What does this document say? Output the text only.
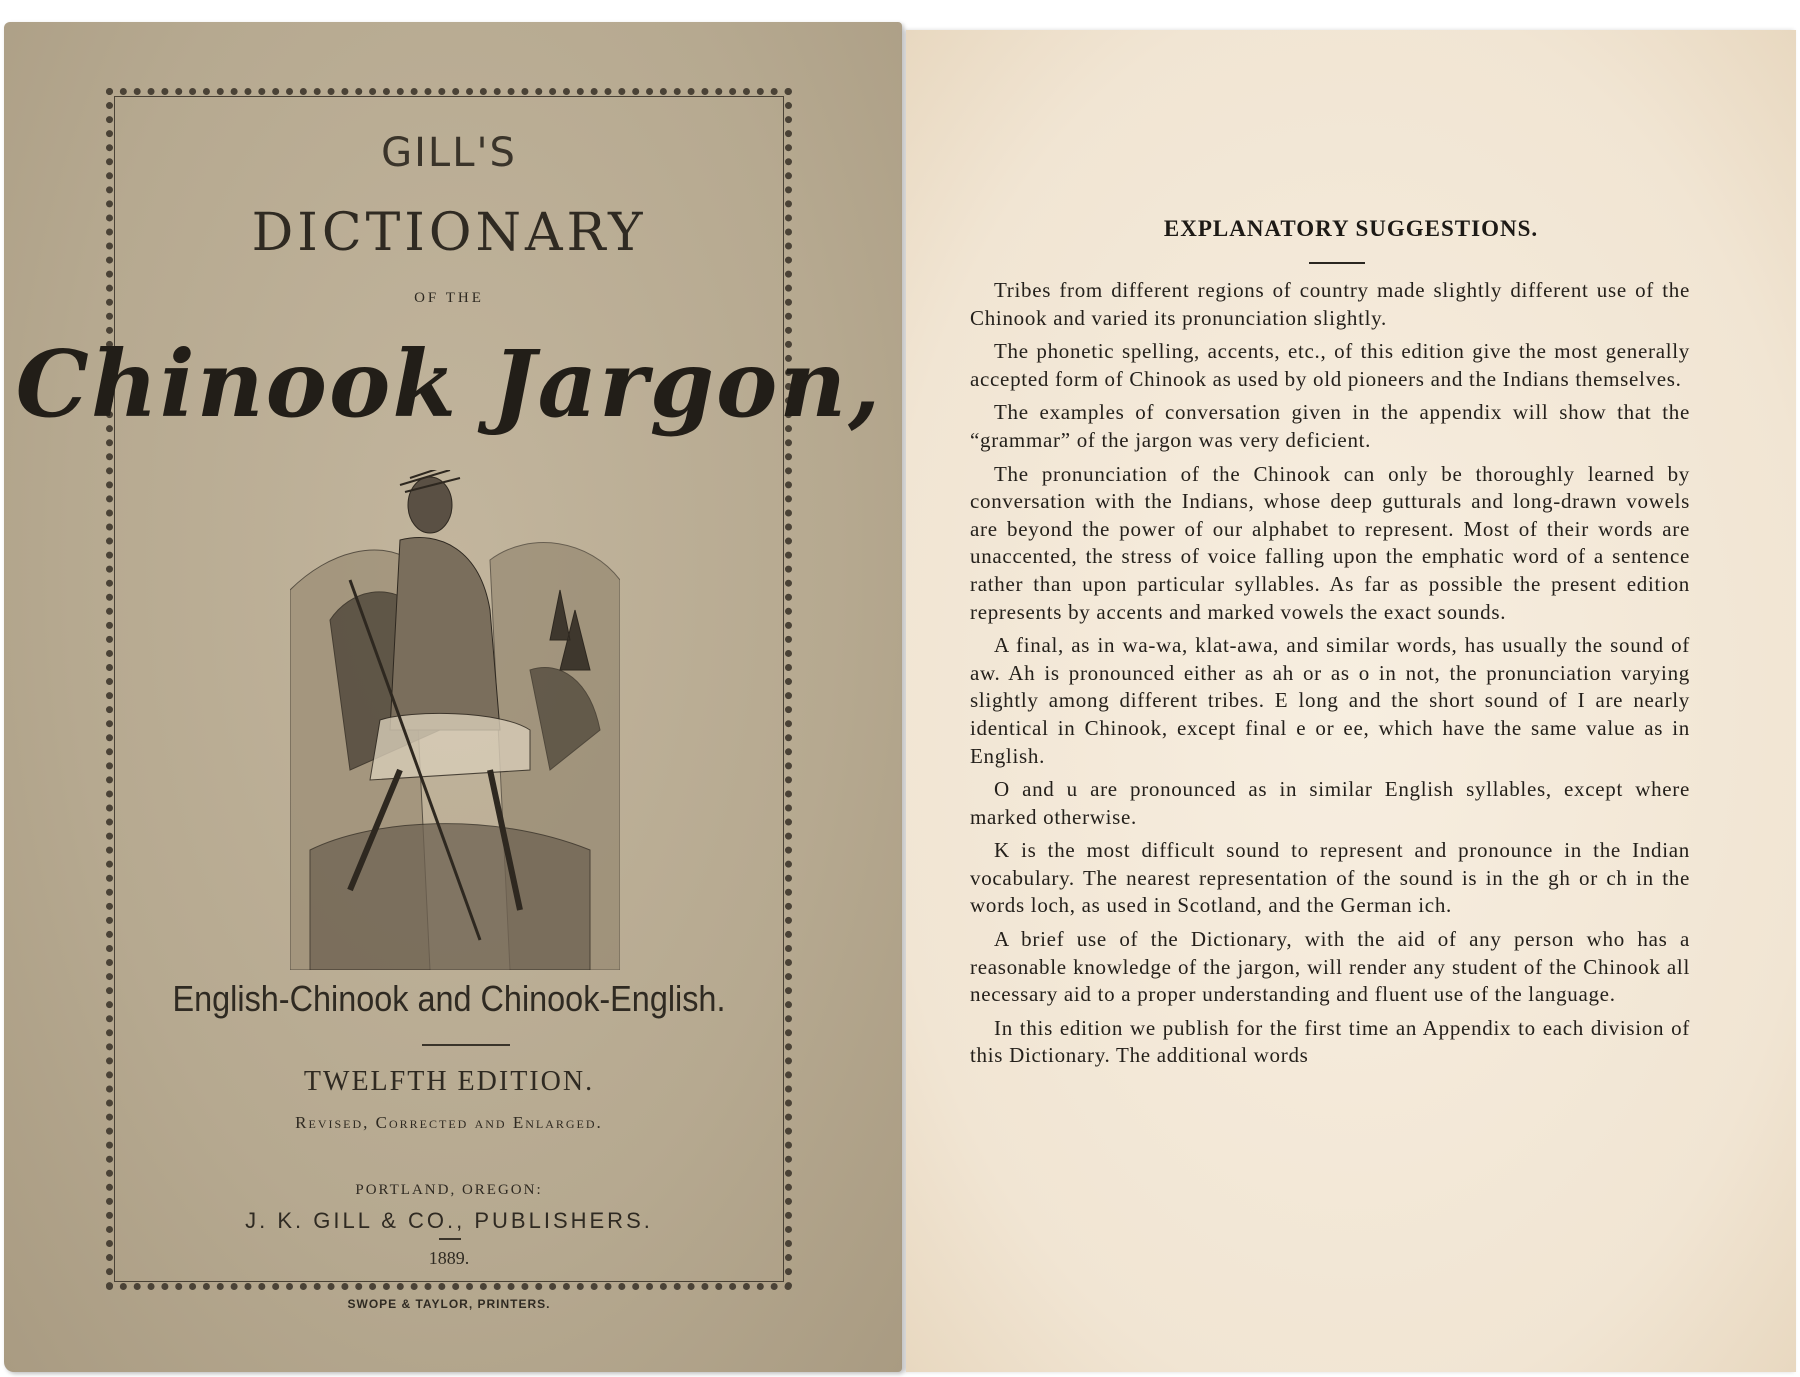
GILL'S
DICTIONARY
OF THE
Chinook Jargon,
English-Chinook and Chinook-English.
TWELFTH EDITION.
Revised, Corrected and Enlarged.
PORTLAND, OREGON:
J. K. GILL & CO., PUBLISHERS.
1889.
SWOPE & TAYLOR, PRINTERS.
EXPLANATORY SUGGESTIONS.

Tribes from different regions of country made slightly different use of the Chinook and varied its pronunciation slightly.

The phonetic spelling, accents, etc., of this edition give the most generally accepted form of Chinook as used by old pioneers and the Indians themselves.

The examples of conversation given in the appendix will show that the “grammar” of the jargon was very deficient.

The pronunciation of the Chinook can only be thoroughly learned by conversation with the Indians, whose deep gutturals and long-drawn vowels are beyond the power of our alphabet to represent. Most of their words are unaccented, the stress of voice falling upon the emphatic word of a sentence rather than upon particular syllables. As far as possible the present edition represents by accents and marked vowels the exact sounds.

A final, as in wa-wa, klat-awa, and similar words, has usually the sound of aw. Ah is pronounced either as ah or as o in not, the pronunciation varying slightly among different tribes. E long and the short sound of I are nearly identical in Chinook, except final e or ee, which have the same value as in English.

O and u are pronounced as in similar English syllables, except where marked otherwise.

K is the most difficult sound to represent and pronounce in the Indian vocabulary. The nearest representation of the sound is in the gh or ch in the words loch, as used in Scotland, and the German ich.

A brief use of the Dictionary, with the aid of any person who has a reasonable knowledge of the jargon, will render any student of the Chinook all necessary aid to a proper understanding and fluent use of the language.

In this edition we publish for the first time an Appendix to each division of this Dictionary. The additional words
